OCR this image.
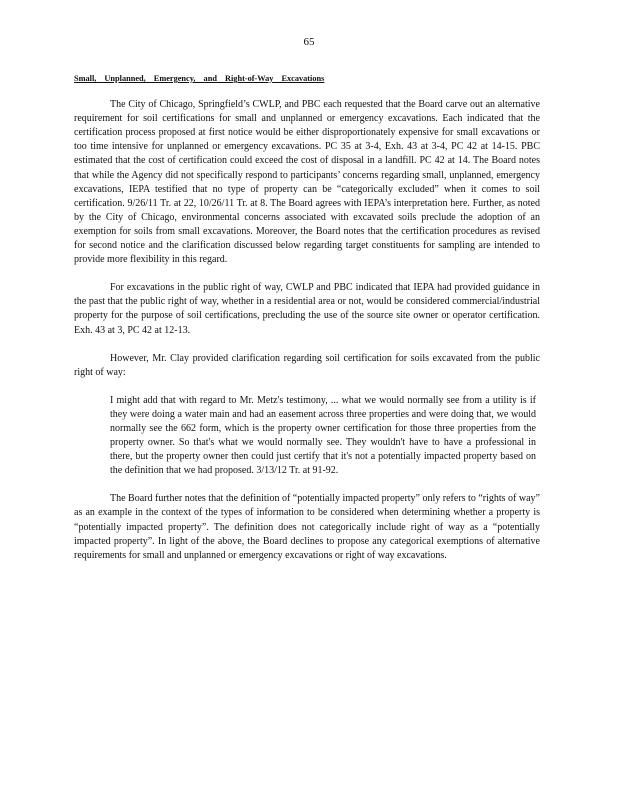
65
Small, Unplanned, Emergency, and Right-of-Way Excavations

The City of Chicago, Springfield’s CWLP, and PBC each requested that the Board carve out an alternative requirement for soil certifications for small and unplanned or emergency excavations. Each indicated that the certification process proposed at first notice would be either disproportionately expensive for small excavations or too time intensive for unplanned or emergency excavations. PC 35 at 3-4, Exh. 43 at 3-4, PC 42 at 14-15. PBC estimated that the cost of certification could exceed the cost of disposal in a landfill. PC 42 at 14. The Board notes that while the Agency did not specifically respond to participants’ concerns regarding small, unplanned, emergency excavations, IEPA testified that no type of property can be “categorically excluded” when it comes to soil certification. 9/26/11 Tr. at 22, 10/26/11 Tr. at 8. The Board agrees with IEPA’s interpretation here. Further, as noted by the City of Chicago, environmental concerns associated with excavated soils preclude the adoption of an exemption for soils from small excavations. Moreover, the Board notes that the certification procedures as revised for second notice and the clarification discussed below regarding target constituents for sampling are intended to provide more flexibility in this regard.

For excavations in the public right of way, CWLP and PBC indicated that IEPA had provided guidance in the past that the public right of way, whether in a residential area or not, would be considered commercial/industrial property for the purpose of soil certifications, precluding the use of the source site owner or operator certification. Exh. 43 at 3, PC 42 at 12-13.

However, Mr. Clay provided clarification regarding soil certification for soils excavated from the public right of way:

I might add that with regard to Mr. Metz's testimony, ... what we would normally see from a utility is if they were doing a water main and had an easement across three properties and were doing that, we would normally see the 662 form, which is the property owner certification for those three properties from the property owner. So that's what we would normally see. They wouldn't have to have a professional in there, but the property owner then could just certify that it's not a potentially impacted property based on the definition that we had proposed. 3/13/12 Tr. at 91-92.

The Board further notes that the definition of “potentially impacted property” only refers to “rights of way” as an example in the context of the types of information to be considered when determining whether a property is “potentially impacted property”. The definition does not categorically include right of way as a “potentially impacted property”. In light of the above, the Board declines to propose any categorical exemptions of alternative requirements for small and unplanned or emergency excavations or right of way excavations.
